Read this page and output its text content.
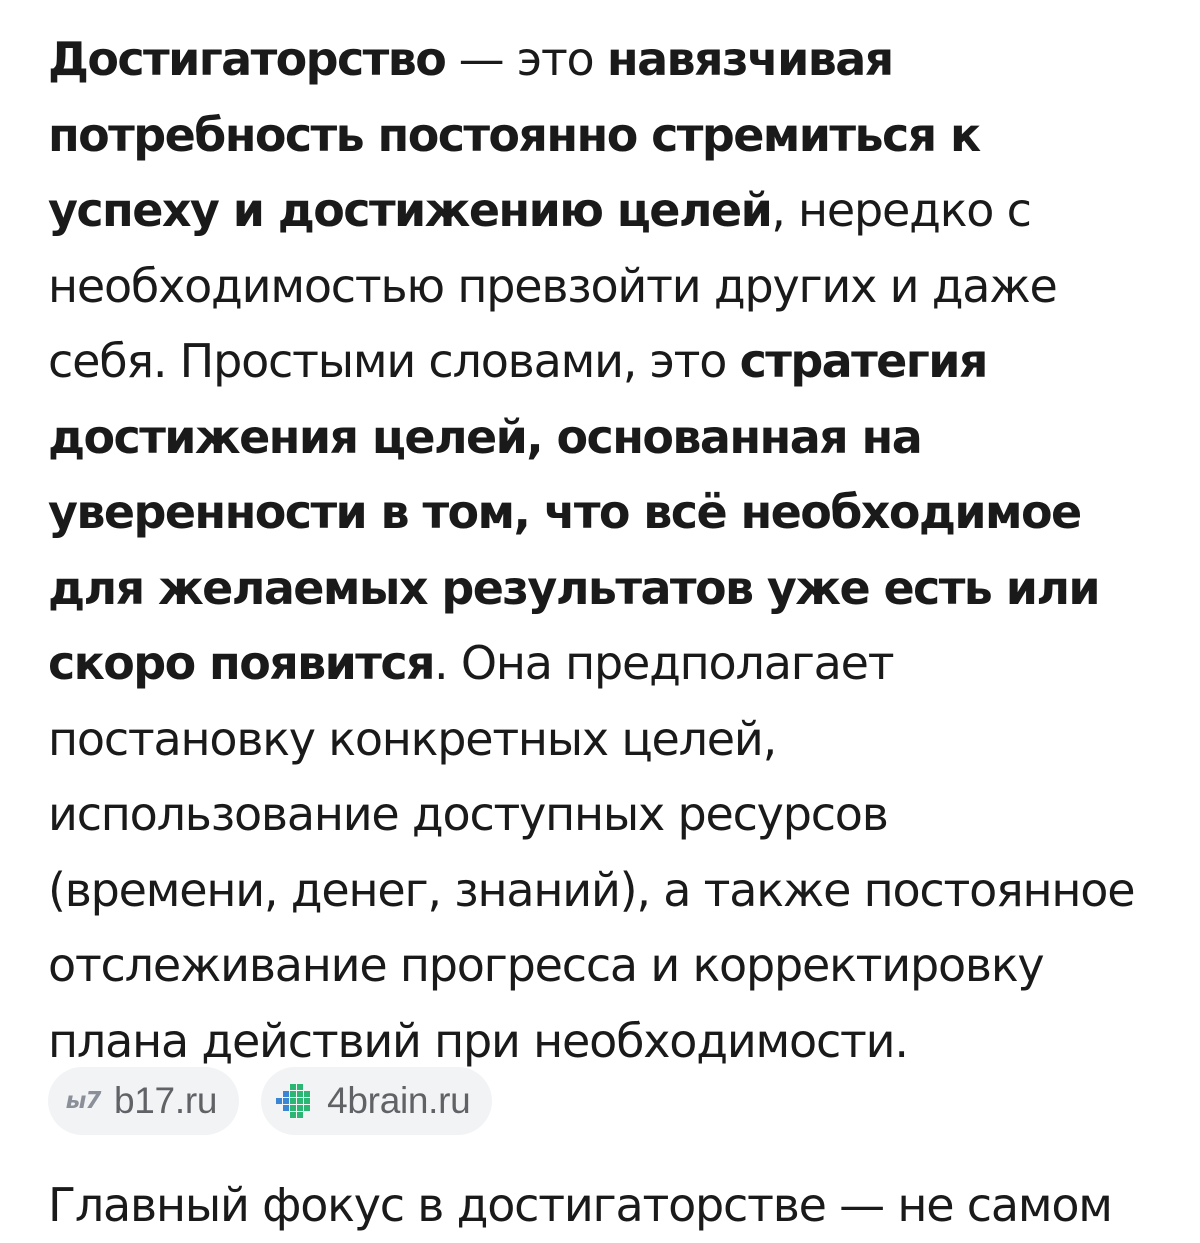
Достигаторство — это навязчивая
потребность постоянно стремиться к
успеху и достижению целей, нередко с
необходимостью превзойти других и даже
себя. Простыми словами, это стратегия
достижения целей, основанная на
уверенности в том, что всё необходимое
для желаемых результатов уже есть или
скоро появится. Она предполагает
постановку конкретных целей,
использование доступных ресурсов
(времени, денег, знаний), а также постоянное
отслеживание прогресса и корректировку
плана действий при необходимости.
ы7 b17.ru	4brain.ru
Главный фокус в достигаторстве — не самом
